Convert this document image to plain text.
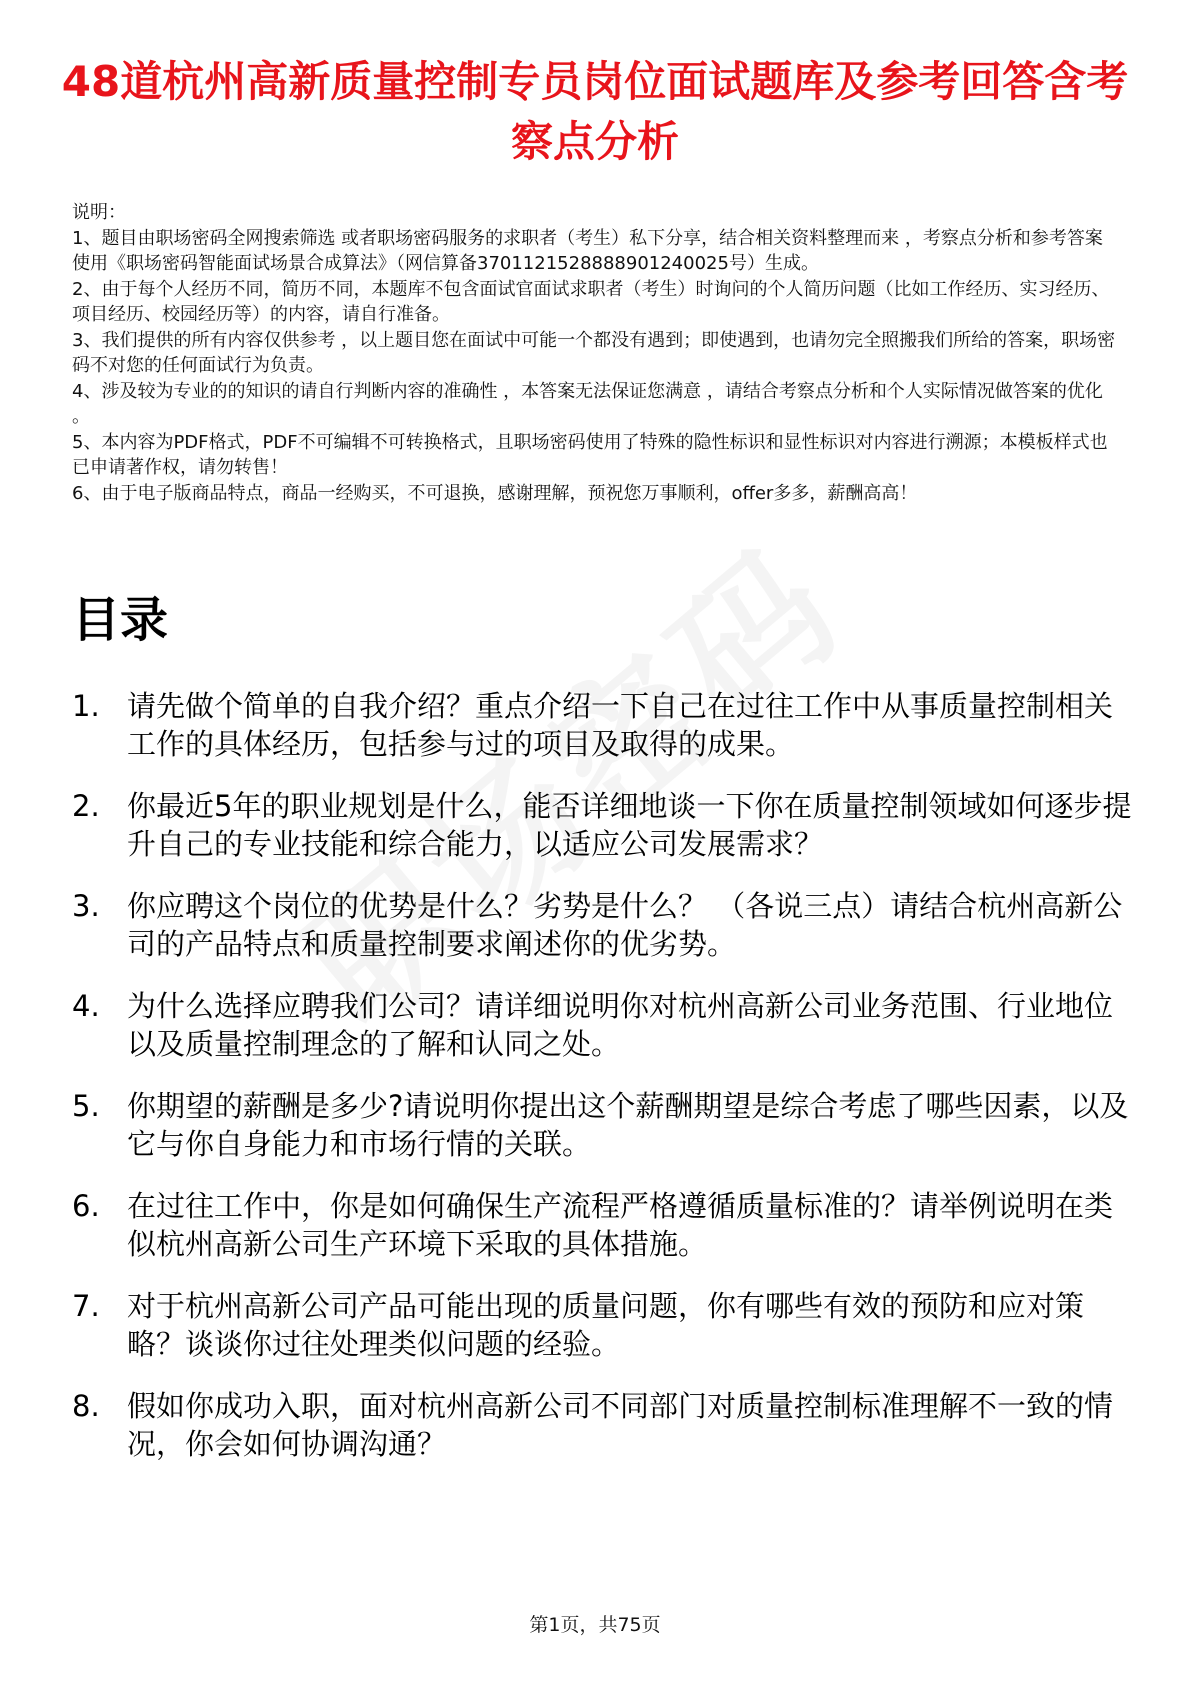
48道杭州高新质量控制专员岗位面试题库及参考回答含考察点分析

说明：

1、题目由职场密码全网搜索筛选 或者职场密码服务的求职者（考生）私下分享，结合相关资料整理而来 ，考察点分析和参考答案使用《职场密码智能面试场景合成算法》（网信算备3701121528888901240025号）生成。

2、由于每个人经历不同，简历不同，本题库不包含面试官面试求职者（考生）时询问的个人简历问题（比如工作经历、实习经历、项目经历、校园经历等）的内容，请自行准备。

3、我们提供的所有内容仅供参考 ，以上题目您在面试中可能一个都没有遇到；即使遇到，也请勿完全照搬我们所给的答案，职场密码不对您的任何面试行为负责。

4、涉及较为专业的的知识的请自行判断内容的准确性 ，本答案无法保证您满意 ，请结合考察点分析和个人实际情况做答案的优化 。

5、本内容为PDF格式，PDF不可编辑不可转换格式，且职场密码使用了特殊的隐性标识和显性标识对内容进行溯源；本模板样式也已申请著作权，请勿转售！

6、由于电子版商品特点，商品一经购买，不可退换，感谢理解，预祝您万事顺利，offer多多，薪酬高高！

目录
1. 请先做个简单的自我介绍？重点介绍一下自己在过往工作中从事质量控制相关工作的具体经历，包括参与过的项目及取得的成果。
2. 你最近5年的职业规划是什么，能否详细地谈一下你在质量控制领域如何逐步提升自己的专业技能和综合能力，以适应公司发展需求？
3. 你应聘这个岗位的优势是什么？劣势是什么？ （各说三点）请结合杭州高新公司的产品特点和质量控制要求阐述你的优劣势。
4. 为什么选择应聘我们公司？请详细说明你对杭州高新公司业务范围、行业地位以及质量控制理念的了解和认同之处。
5. 你期望的薪酬是多少?请说明你提出这个薪酬期望是综合考虑了哪些因素，以及它与你自身能力和市场行情的关联。
6. 在过往工作中，你是如何确保生产流程严格遵循质量标准的？请举例说明在类似杭州高新公司生产环境下采取的具体措施。
7. 对于杭州高新公司产品可能出现的质量问题，你有哪些有效的预防和应对策略？谈谈你过往处理类似问题的经验。
8. 假如你成功入职，面对杭州高新公司不同部门对质量控制标准理解不一致的情况，你会如何协调沟通？
第1页，共75页
